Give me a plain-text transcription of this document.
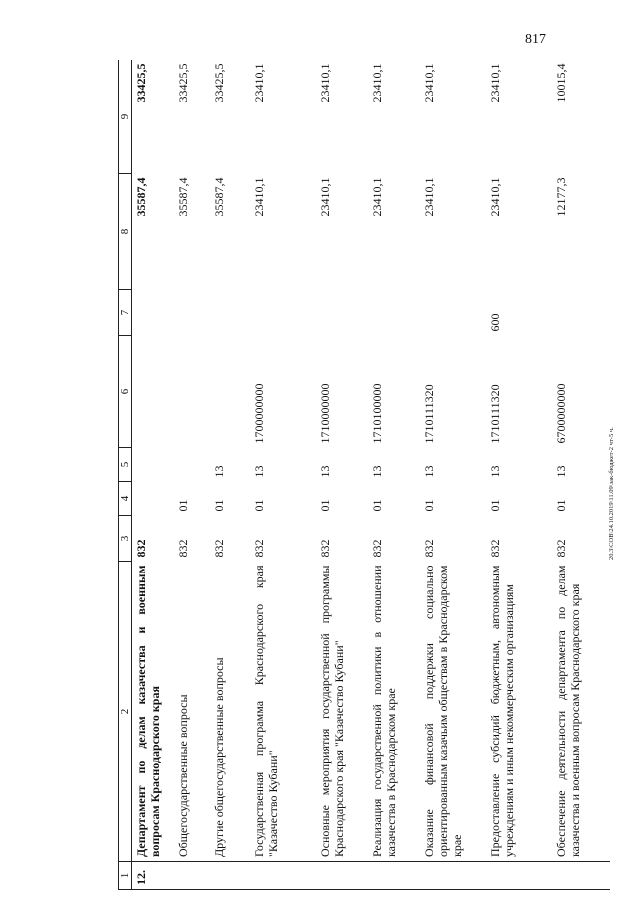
817
20.3\СОВ\24.10.2019\11.09\зак-бюджет-2 чт-5 ч.
1	2	3	4	5	6	7	8	9
12.	Департамент по делам казачества и военным вопросам Краснодарского края	832					35587,4	33425,5
	Общегосударственные вопросы	832	01				35587,4	33425,5
	Другие общегосударственные вопросы	832	01	13			35587,4	33425,5
	Государственная программа Краснодарского края "Казачество Кубани"	832	01	13	1700000000		23410,1	23410,1
	Основные мероприятия государственной программы Краснодарского края "Казачество Кубани"	832	01	13	1710000000		23410,1	23410,1
	Реализация государственной политики в отношении казачества в Краснодарском крае	832	01	13	1710100000		23410,1	23410,1
	Оказание финансовой поддержки социально ориентированным казачьим обществам в Краснодарском крае	832	01	13	1710111320		23410,1	23410,1
	Предоставление субсидий бюджетным, автономным учреждениям и иным некоммерческим организациям	832	01	13	1710111320	600	23410,1	23410,1
	Обеспечение деятельности департамента по делам казачества и военным вопросам Краснодарского края	832	01	13	6700000000		12177,3	10015,4
